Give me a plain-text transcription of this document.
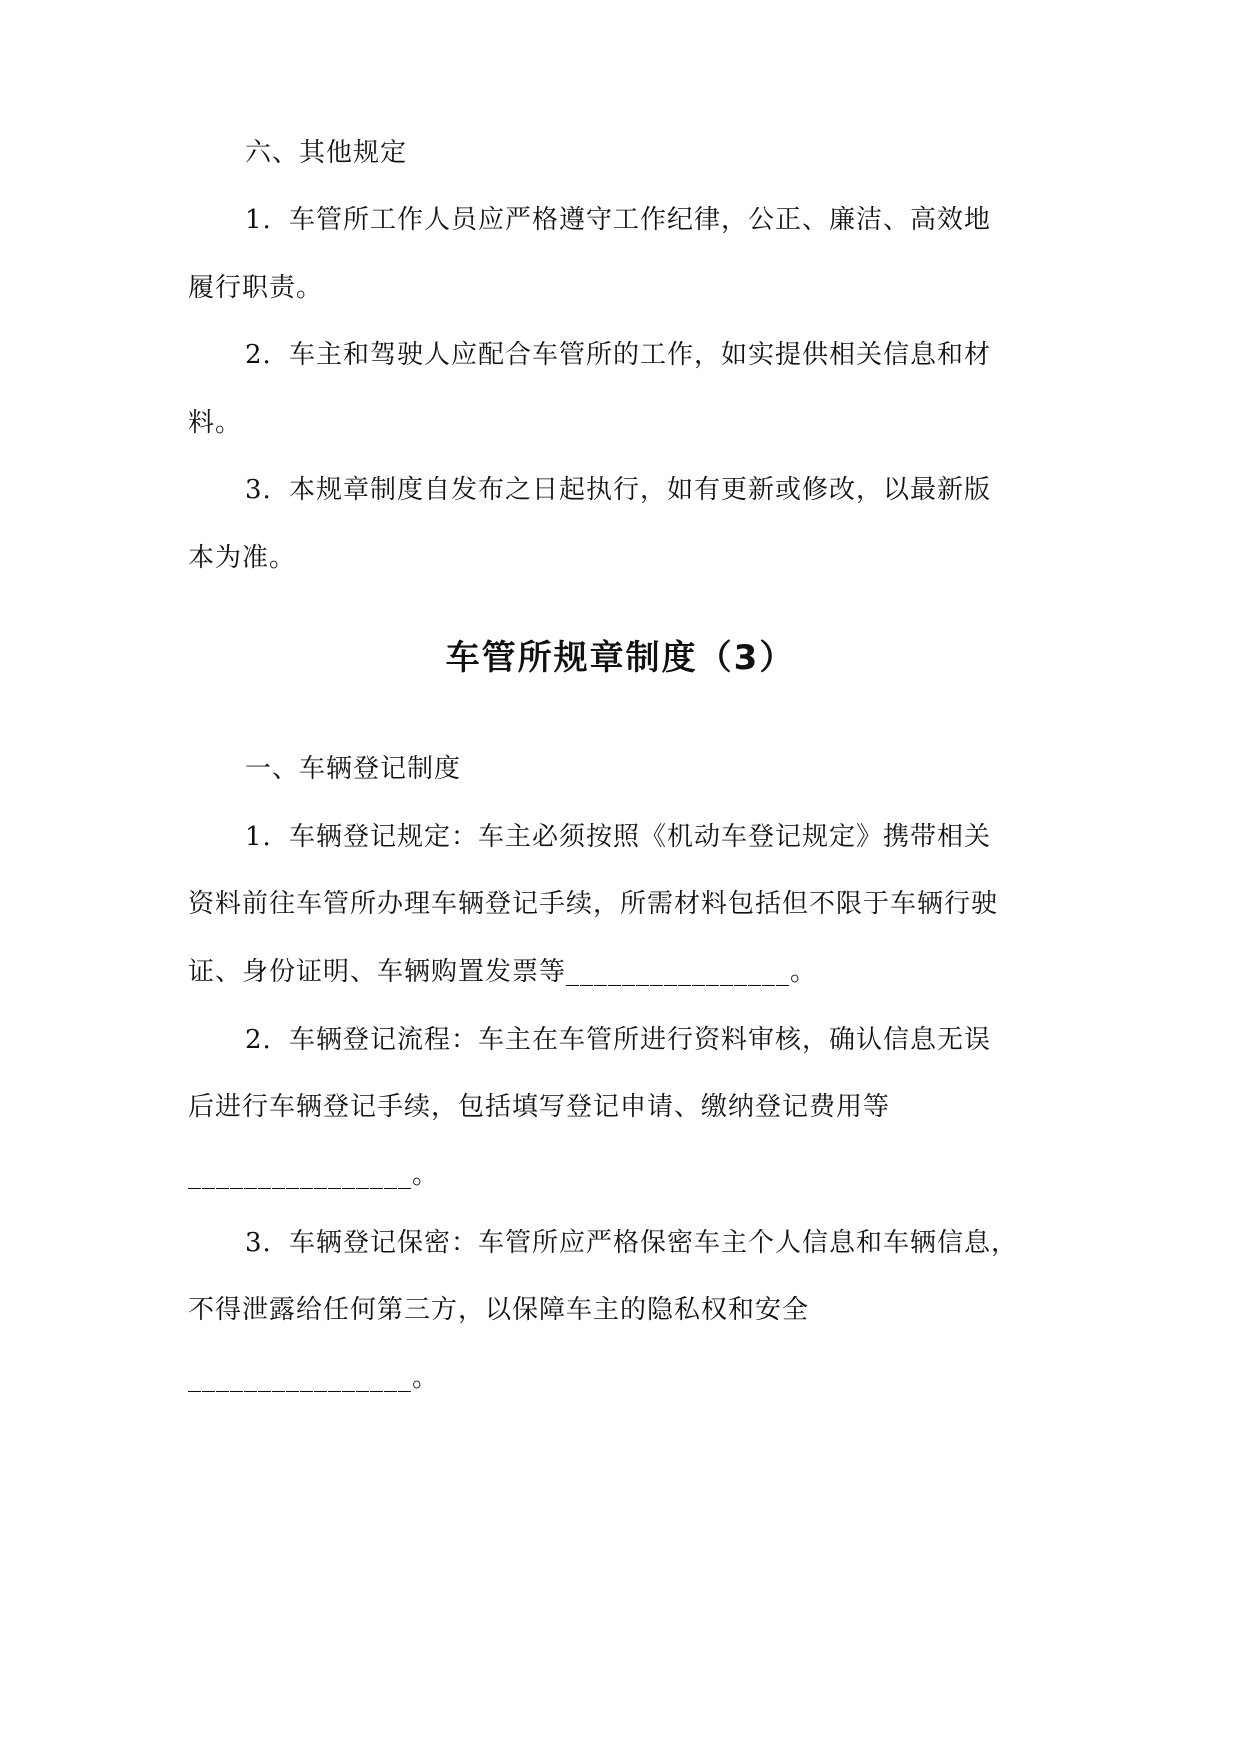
六、其他规定
1. 车管所工作人员应严格遵守工作纪律，公正、廉洁、高效地
履行职责。
2. 车主和驾驶人应配合车管所的工作，如实提供相关信息和材
料。
3. 本规章制度自发布之日起执行，如有更新或修改，以最新版
本为准。
车管所规章制度（3）
一、车辆登记制度
1. 车辆登记规定：车主必须按照《机动车登记规定》携带相关
资料前往车管所办理车辆登记手续，所需材料包括但不限于车辆行驶
证、身份证明、车辆购置发票等________________。
2. 车辆登记流程：车主在车管所进行资料审核，确认信息无误
后进行车辆登记手续，包括填写登记申请、缴纳登记费用等
________________。
3. 车辆登记保密：车管所应严格保密车主个人信息和车辆信息，
不得泄露给任何第三方，以保障车主的隐私权和安全
________________。
